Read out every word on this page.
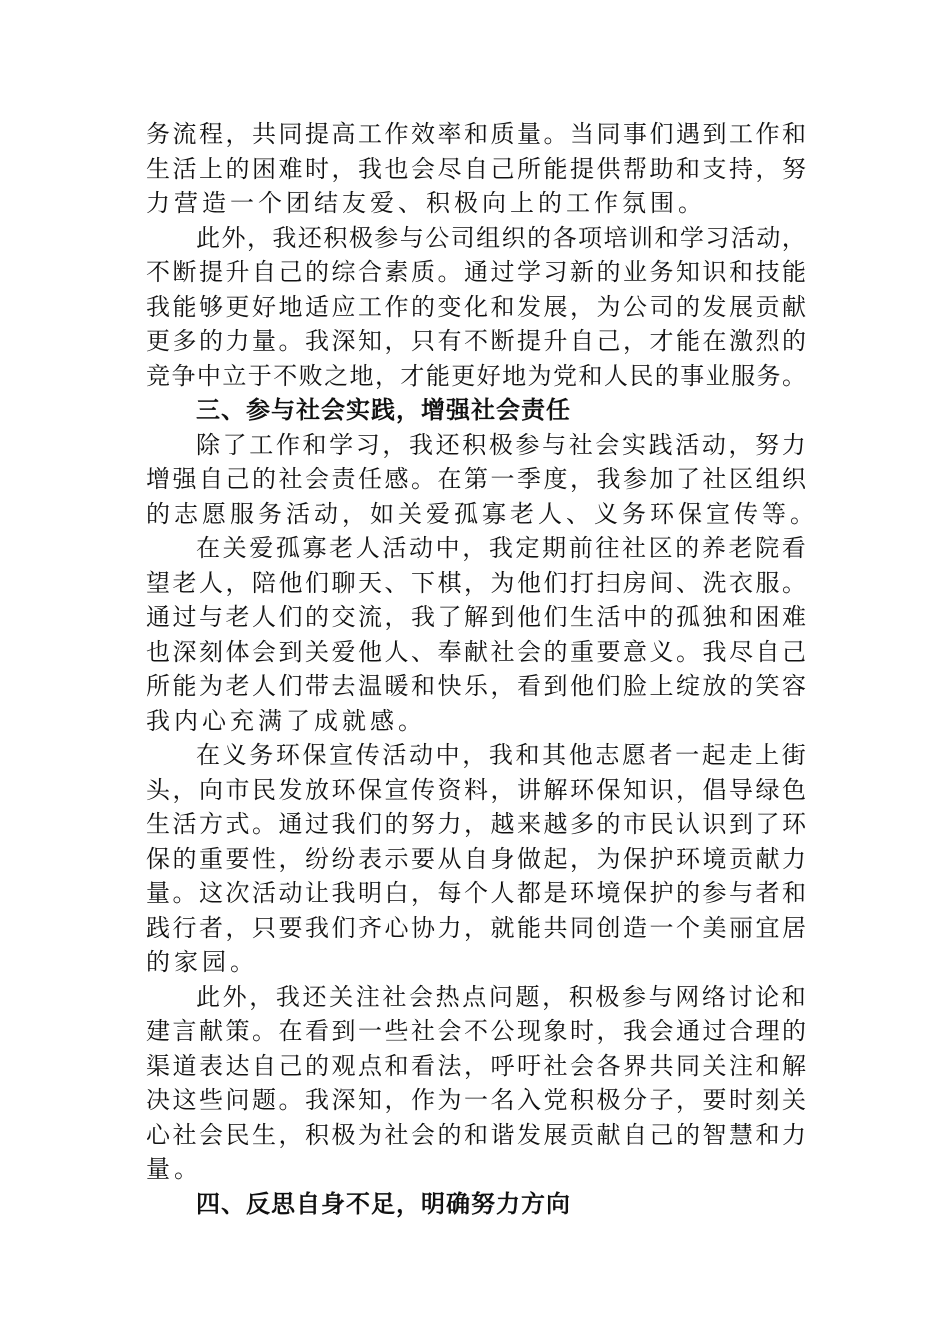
务 流 程 ， 共 同 提 高 工 作 效 率 和 质 量 。 当 同 事 们 遇 到 工 作 和
生 活 上 的 困 难 时 ， 我 也 会 尽 自 己 所 能 提 供 帮 助 和 支 持 ， 努
力营造一个团结友爱、积极向上的工作氛围。
此 外 ， 我 还 积 极 参 与 公 司 组 织 的 各 项 培 训 和 学 习 活 动 ，
不 断 提 升 自 己 的 综 合 素 质 。 通 过 学 习 新 的 业 务 知 识 和 技 能
我 能 够 更 好 地 适 应 工 作 的 变 化 和 发 展 ， 为 公 司 的 发 展 贡 献
更 多 的 力 量 。 我 深 知 ， 只 有 不 断 提 升 自 己 ， 才 能 在 激 烈 的
竞 争 中 立 于 不 败 之 地 ， 才 能 更 好 地 为 党 和 人 民 的 事 业 服 务 。
三、参与社会实践，增强社会责任
除 了 工 作 和 学 习 ， 我 还 积 极 参 与 社 会 实 践 活 动 ， 努 力
增 强 自 己 的 社 会 责 任 感 。 在 第 一 季 度 ， 我 参 加 了 社 区 组 织
的志愿服务活动，如关爱孤寡老人、义务环保宣传等。
在 关 爱 孤 寡 老 人 活 动 中 ， 我 定 期 前 往 社 区 的 养 老 院 看
望 老 人 ， 陪 他 们 聊 天 、 下 棋 ， 为 他 们 打 扫 房 间 、 洗 衣 服 。
通 过 与 老 人 们 的 交 流 ， 我 了 解 到 他 们 生 活 中 的 孤 独 和 困 难
也 深 刻 体 会 到 关 爱 他 人 、 奉 献 社 会 的 重 要 意 义 。 我 尽 自 己
所 能 为 老 人 们 带 去 温 暖 和 快 乐 ， 看 到 他 们 脸 上 绽 放 的 笑 容
我内心充满了成就感。
在 义 务 环 保 宣 传 活 动 中 ， 我 和 其 他 志 愿 者 一 起 走 上 街
头 ， 向 市 民 发 放 环 保 宣 传 资 料 ， 讲 解 环 保 知 识 ， 倡 导 绿 色
生 活 方 式 。 通 过 我 们 的 努 力 ， 越 来 越 多 的 市 民 认 识 到 了 环
保 的 重 要 性 ， 纷 纷 表 示 要 从 自 身 做 起 ， 为 保 护 环 境 贡 献 力
量 。 这 次 活 动 让 我 明 白 ， 每 个 人 都 是 环 境 保 护 的 参 与 者 和
践 行 者 ， 只 要 我 们 齐 心 协 力 ， 就 能 共 同 创 造 一 个 美 丽 宜 居
的家园。
此 外 ， 我 还 关 注 社 会 热 点 问 题 ， 积 极 参 与 网 络 讨 论 和
建 言 献 策 。 在 看 到 一 些 社 会 不 公 现 象 时 ， 我 会 通 过 合 理 的
渠 道 表 达 自 己 的 观 点 和 看 法 ， 呼 吁 社 会 各 界 共 同 关 注 和 解
决 这 些 问 题 。 我 深 知 ， 作 为 一 名 入 党 积 极 分 子 ， 要 时 刻 关
心 社 会 民 生 ， 积 极 为 社 会 的 和 谐 发 展 贡 献 自 己 的 智 慧 和 力
量。
四、反思自身不足，明确努力方向
